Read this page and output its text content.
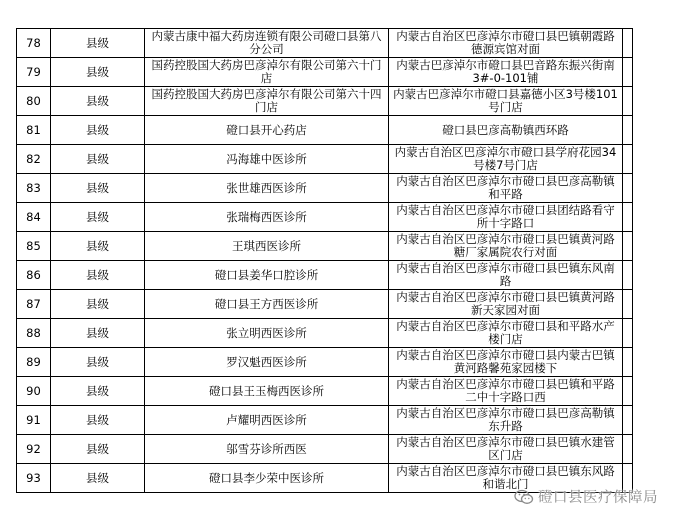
78	县级	内蒙古康中福大药房连锁有限公司磴口县第八分公司	内蒙古自治区巴彦淖尔市磴口县巴镇朝霞路德源宾馆对面	
79	县级	国药控股国大药房巴彦淖尔有限公司第六十门店	内蒙古巴彦淖尔市磴口县巴音路东振兴街南3#-0-101铺	
80	县级	国药控股国大药房巴彦淖尔有限公司第六十四门店	内蒙古巴彦淖尔市磴口县嘉德小区3号楼101号门店	
81	县级	磴口县开心药店	磴口县巴彦高勒镇西环路	
82	县级	冯海雄中医诊所	内蒙古自治区巴彦淖尔市磴口县学府花园34号楼7号门店	
83	县级	张世雄西医诊所	内蒙古自治区巴彦淖尔市磴口县巴彦高勒镇和平路	
84	县级	张瑞梅西医诊所	内蒙古自治区巴彦淖尔市磴口县团结路看守所十字路口	
85	县级	王琪西医诊所	内蒙古自治区巴彦淖尔市磴口县巴镇黄河路糖厂家属院农行对面	
86	县级	磴口县姜华口腔诊所	内蒙古自治区巴彦淖尔市磴口县巴镇东风南路	
87	县级	磴口县王方西医诊所	内蒙古自治区巴彦淖尔市磴口县巴镇黄河路新天家园对面	
88	县级	张立明西医诊所	内蒙古自治区巴彦淖尔市磴口县和平路水产楼门店	
89	县级	罗汉魁西医诊所	内蒙古自治区巴彦淖尔市磴口县内蒙古巴镇黄河路馨苑家园楼下	
90	县级	磴口县王玉梅西医诊所	内蒙古自治区巴彦淖尔市磴口县巴镇和平路二中十字路口西	
91	县级	卢耀明西医诊所	内蒙古自治区巴彦淖尔市磴口县巴彦高勒镇东升路	
92	县级	邬雪芬诊所西医	内蒙古自治区巴彦淖尔市磴口县巴镇水建管区门店	
93	县级	磴口县李少荣中医诊所	内蒙古自治区巴彦淖尔市磴口县巴镇东风路和谐北门	
磴口县医疗保障局
